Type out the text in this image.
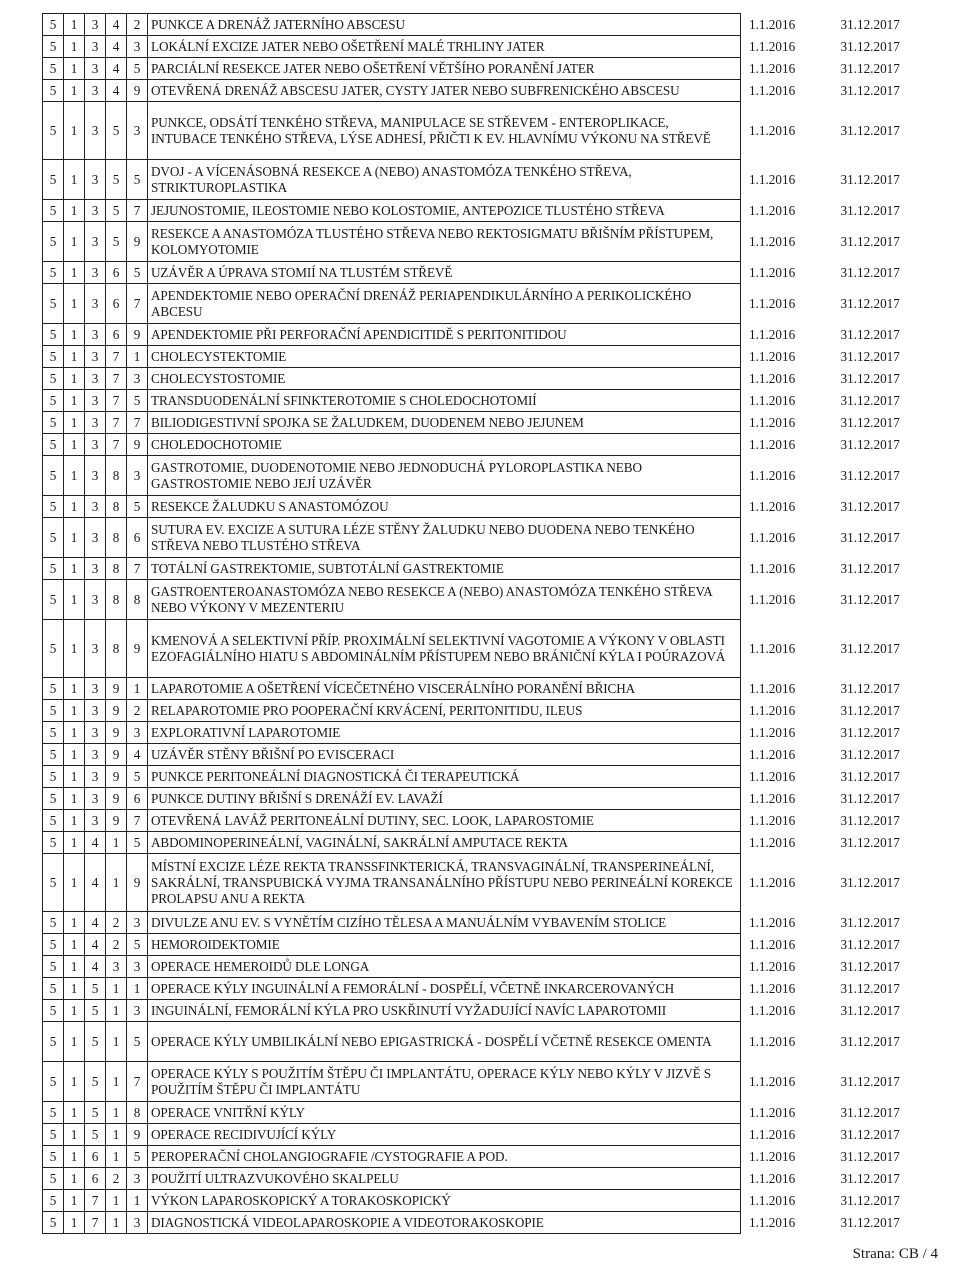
5	1	3	4	2	PUNKCE A DRENÁŽ JATERNÍHO ABSCESU	1.1.2016	31.12.2017
5	1	3	4	3	LOKÁLNÍ EXCIZE JATER NEBO OŠETŘENÍ MALÉ TRHLINY JATER	1.1.2016	31.12.2017
5	1	3	4	5	PARCIÁLNÍ RESEKCE JATER NEBO OŠETŘENÍ VĚTŠÍHO PORANĚNÍ JATER	1.1.2016	31.12.2017
5	1	3	4	9	OTEVŘENÁ DRENÁŽ ABSCESU JATER, CYSTY JATER NEBO SUBFRENICKÉHO ABSCESU	1.1.2016	31.12.2017
5	1	3	5	3	PUNKCE, ODSÁTÍ TENKÉHO STŘEVA, MANIPULACE SE STŘEVEM - ENTEROPLIKACE, INTUBACE TENKÉHO STŘEVA, LÝSE ADHESÍ, PŘIČTI K EV. HLAVNÍMU VÝKONU NA STŘEVĚ	1.1.2016	31.12.2017
5	1	3	5	5	DVOJ - A VÍCENÁSOBNÁ RESEKCE A (NEBO) ANASTOMÓZA TENKÉHO STŘEVA, STRIKTUROPLASTIKA	1.1.2016	31.12.2017
5	1	3	5	7	JEJUNOSTOMIE, ILEOSTOMIE NEBO KOLOSTOMIE, ANTEPOZICE TLUSTÉHO STŘEVA	1.1.2016	31.12.2017
5	1	3	5	9	RESEKCE A ANASTOMÓZA TLUSTÉHO STŘEVA NEBO REKTOSIGMATU BŘIŠNÍM PŘÍSTUPEM, KOLOMYOTOMIE	1.1.2016	31.12.2017
5	1	3	6	5	UZÁVĚR A ÚPRAVA STOMIÍ NA TLUSTÉM STŘEVĚ	1.1.2016	31.12.2017
5	1	3	6	7	APENDEKTOMIE NEBO OPERAČNÍ DRENÁŽ PERIAPENDIKULÁRNÍHO A PERIKOLICKÉHO ABCESU	1.1.2016	31.12.2017
5	1	3	6	9	APENDEKTOMIE PŘI PERFORAČNÍ APENDICITIDĚ S PERITONITIDOU	1.1.2016	31.12.2017
5	1	3	7	1	CHOLECYSTEKTOMIE	1.1.2016	31.12.2017
5	1	3	7	3	CHOLECYSTOSTOMIE	1.1.2016	31.12.2017
5	1	3	7	5	TRANSDUODENÁLNÍ SFINKTEROTOMIE S CHOLEDOCHOTOMIÍ	1.1.2016	31.12.2017
5	1	3	7	7	BILIODIGESTIVNÍ SPOJKA SE ŽALUDKEM, DUODENEM NEBO JEJUNEM	1.1.2016	31.12.2017
5	1	3	7	9	CHOLEDOCHOTOMIE	1.1.2016	31.12.2017
5	1	3	8	3	GASTROTOMIE, DUODENOTOMIE NEBO JEDNODUCHÁ PYLOROPLASTIKA NEBO GASTROSTOMIE NEBO JEJÍ UZÁVĚR	1.1.2016	31.12.2017
5	1	3	8	5	RESEKCE ŽALUDKU S ANASTOMÓZOU	1.1.2016	31.12.2017
5	1	3	8	6	SUTURA EV. EXCIZE A SUTURA LÉZE STĚNY ŽALUDKU NEBO DUODENA NEBO TENKÉHO STŘEVA NEBO TLUSTÉHO STŘEVA	1.1.2016	31.12.2017
5	1	3	8	7	TOTÁLNÍ GASTREKTOMIE, SUBTOTÁLNÍ GASTREKTOMIE	1.1.2016	31.12.2017
5	1	3	8	8	GASTROENTEROANASTOMÓZA NEBO RESEKCE A (NEBO) ANASTOMÓZA TENKÉHO STŘEVA NEBO VÝKONY V MEZENTERIU	1.1.2016	31.12.2017
5	1	3	8	9	KMENOVÁ A SELEKTIVNÍ PŘÍP. PROXIMÁLNÍ SELEKTIVNÍ VAGOTOMIE A VÝKONY V OBLASTI EZOFAGIÁLNÍHO HIATU S ABDOMINÁLNÍM PŘÍSTUPEM NEBO BRÁNIČNÍ KÝLA I POÚRAZOVÁ	1.1.2016	31.12.2017
5	1	3	9	1	LAPAROTOMIE A OŠETŘENÍ VÍCEČETNÉHO VISCERÁLNÍHO PORANĚNÍ BŘICHA	1.1.2016	31.12.2017
5	1	3	9	2	RELAPAROTOMIE PRO POOPERAČNÍ KRVÁCENÍ, PERITONITIDU, ILEUS	1.1.2016	31.12.2017
5	1	3	9	3	EXPLORATIVNÍ LAPAROTOMIE	1.1.2016	31.12.2017
5	1	3	9	4	UZÁVĚR STĚNY BŘIŠNÍ PO EVISCERACI	1.1.2016	31.12.2017
5	1	3	9	5	PUNKCE PERITONEÁLNÍ DIAGNOSTICKÁ ČI TERAPEUTICKÁ	1.1.2016	31.12.2017
5	1	3	9	6	PUNKCE DUTINY BŘIŠNÍ S DRENÁŽÍ EV. LAVAŽÍ	1.1.2016	31.12.2017
5	1	3	9	7	OTEVŘENÁ LAVÁŽ PERITONEÁLNÍ DUTINY, SEC. LOOK, LAPAROSTOMIE	1.1.2016	31.12.2017
5	1	4	1	5	ABDOMINOPERINEÁLNÍ, VAGINÁLNÍ, SAKRÁLNÍ AMPUTACE REKTA	1.1.2016	31.12.2017
5	1	4	1	9	MÍSTNÍ EXCIZE LÉZE REKTA TRANSSFINKTERICKÁ, TRANSVAGINÁLNÍ, TRANSPERINEÁLNÍ, SAKRÁLNÍ, TRANSPUBICKÁ VYJMA TRANSANÁLNÍHO PŘÍSTUPU NEBO PERINEÁLNÍ KOREKCE PROLAPSU ANU A REKTA	1.1.2016	31.12.2017
5	1	4	2	3	DIVULZE ANU EV. S VYNĚTÍM CIZÍHO TĚLESA A MANUÁLNÍM VYBAVENÍM STOLICE	1.1.2016	31.12.2017
5	1	4	2	5	HEMOROIDEKTOMIE	1.1.2016	31.12.2017
5	1	4	3	3	OPERACE HEMEROIDŮ DLE LONGA	1.1.2016	31.12.2017
5	1	5	1	1	OPERACE KÝLY INGUINÁLNÍ A FEMORÁLNÍ - DOSPĚLÍ, VČETNĚ INKARCEROVANÝCH	1.1.2016	31.12.2017
5	1	5	1	3	INGUINÁLNÍ, FEMORÁLNÍ KÝLA PRO USKŘINUTÍ VYŽADUJÍCÍ NAVÍC LAPAROTOMII	1.1.2016	31.12.2017
5	1	5	1	5	OPERACE KÝLY UMBILIKÁLNÍ NEBO EPIGASTRICKÁ - DOSPĚLÍ VČETNĚ RESEKCE OMENTA	1.1.2016	31.12.2017
5	1	5	1	7	OPERACE KÝLY S POUŽITÍM ŠTĚPU ČI IMPLANTÁTU, OPERACE KÝLY NEBO KÝLY V JIZVĚ S POUŽITÍM ŠTĚPU ČI IMPLANTÁTU	1.1.2016	31.12.2017
5	1	5	1	8	OPERACE VNITŘNÍ KÝLY	1.1.2016	31.12.2017
5	1	5	1	9	OPERACE RECIDIVUJÍCÍ KÝLY	1.1.2016	31.12.2017
5	1	6	1	5	PEROPERAČNÍ CHOLANGIOGRAFIE /CYSTOGRAFIE A POD.	1.1.2016	31.12.2017
5	1	6	2	3	POUŽITÍ ULTRAZVUKOVÉHO SKALPELU	1.1.2016	31.12.2017
5	1	7	1	1	VÝKON LAPAROSKOPICKÝ A TORAKOSKOPICKÝ	1.1.2016	31.12.2017
5	1	7	1	3	DIAGNOSTICKÁ VIDEOLAPAROSKOPIE A VIDEOTORAKOSKOPIE	1.1.2016	31.12.2017
Strana: CB / 4
